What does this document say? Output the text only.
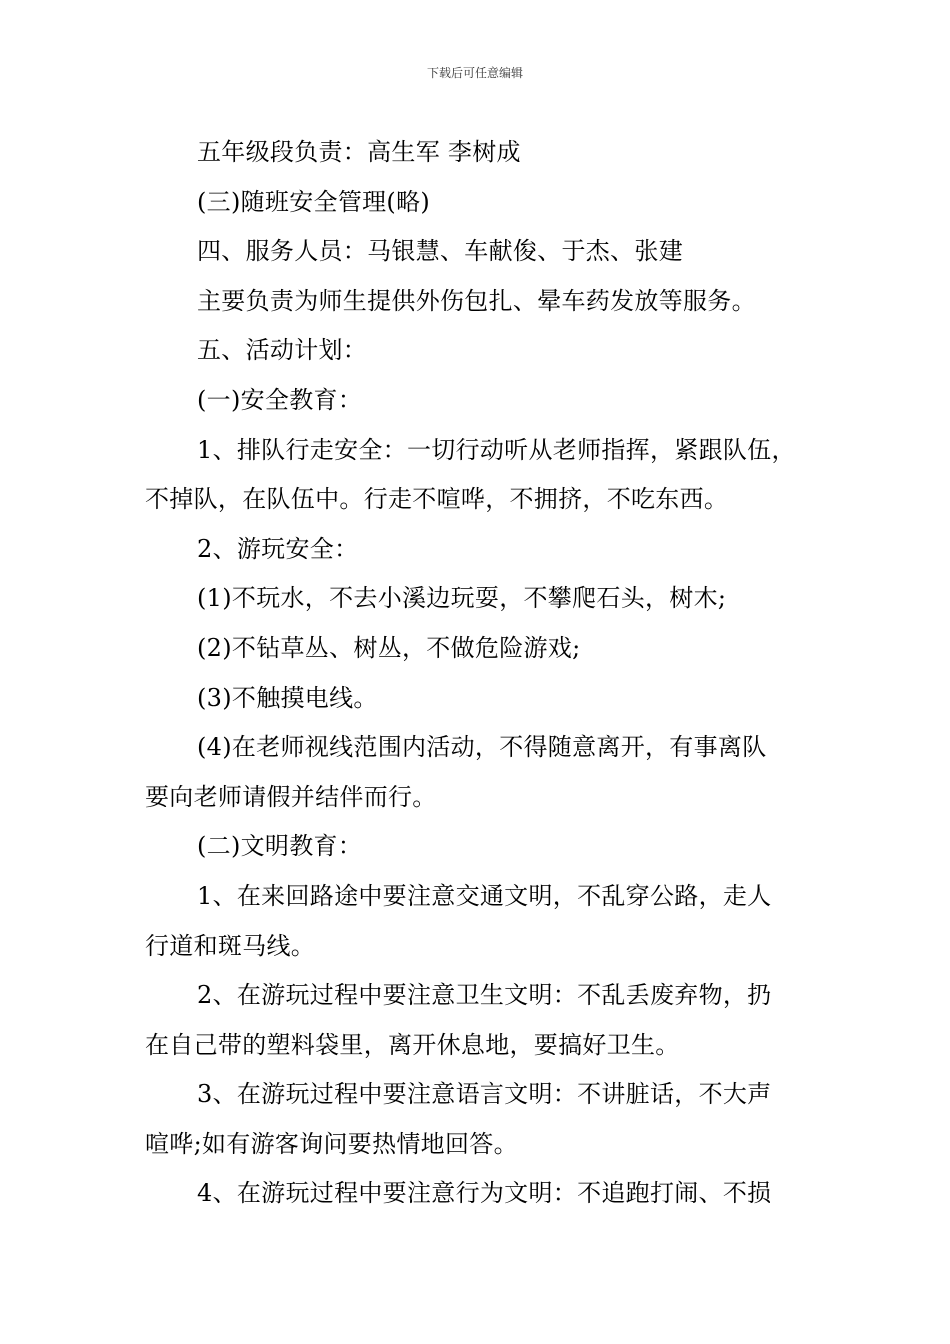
下载后可任意编辑
五年级段负责：高生军 李树成
(三)随班安全管理(略)
四、服务人员：马银慧、车献俊、于杰、张建
主要负责为师生提供外伤包扎、晕车药发放等服务。
五、活动计划：
(一)安全教育：
1、排队行走安全：一切行动听从老师指挥，紧跟队伍，
不掉队，在队伍中。行走不喧哗，不拥挤，不吃东西。
2、游玩安全：
(1)不玩水，不去小溪边玩耍，不攀爬石头，树木;
(2)不钻草丛、树丛，不做危险游戏;
(3)不触摸电线。
(4)在老师视线范围内活动，不得随意离开，有事离队
要向老师请假并结伴而行。
(二)文明教育：
1、在来回路途中要注意交通文明，不乱穿公路，走人
行道和斑马线。
2、在游玩过程中要注意卫生文明：不乱丢废弃物，扔
在自己带的塑料袋里，离开休息地，要搞好卫生。
3、在游玩过程中要注意语言文明：不讲脏话，不大声
喧哗;如有游客询问要热情地回答。
4、在游玩过程中要注意行为文明：不追跑打闹、不损
